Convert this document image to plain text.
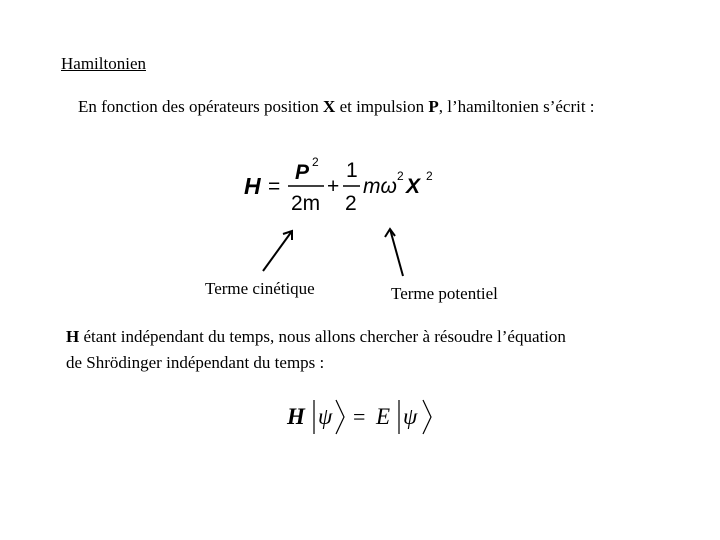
Hamiltonien
En fonction des opérateurs position X et impulsion P, l’hamiltonien s’écrit :
H =
P 2
2m
+
1
2
mω 2 X 2
H ψ = E ψ
Terme cinétique	Terme potentiel
H étant indépendant du temps, nous allons chercher à résoudre l’équation
de Shrödinger indépendant du temps :
